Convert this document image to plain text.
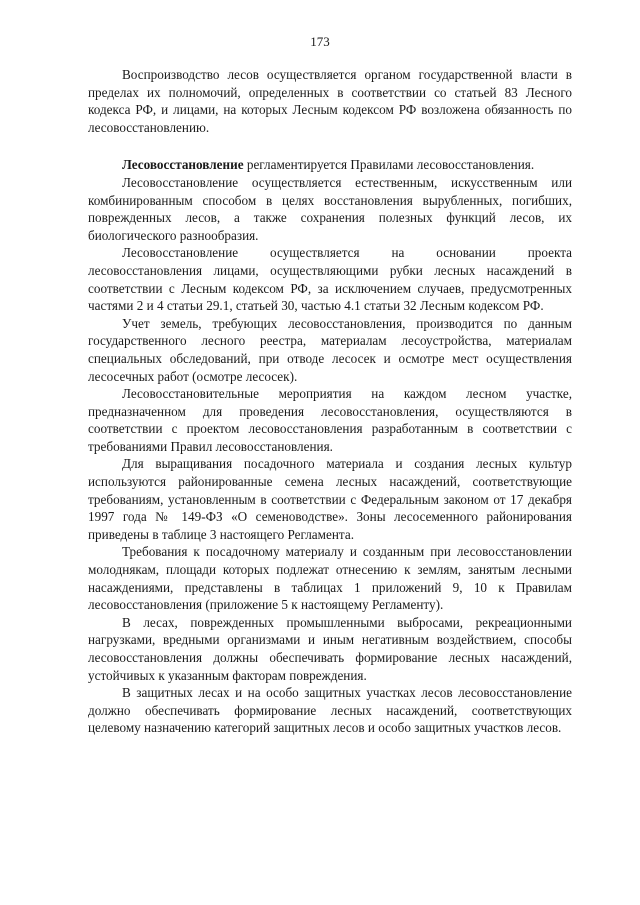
173

Воспроизводство лесов осуществляется органом государственной власти в пределах их полномочий, определенных в соответствии со статьей 83 Лесного кодекса РФ, и лицами, на которых Лесным кодексом РФ возложена обязанность по лесовосстановлению.

Лесовосстановление регламентируется Правилами лесовосстановления.

Лесовосстановление осуществляется естественным, искусственным или комбинированным способом в целях восстановления вырубленных, погибших, поврежденных лесов, а также сохранения полезных функций лесов, их биологического разнообразия.

Лесовосстановление осуществляется на основании проекта лесовосстановления лицами, осуществляющими рубки лесных насаждений в соответствии с Лесным кодексом РФ, за исключением случаев, предусмотренных частями 2 и 4 статьи 29.1, статьей 30, частью 4.1 статьи 32 Лесным кодексом РФ.

Учет земель, требующих лесовосстановления, производится по данным государственного лесного реестра, материалам лесоустройства, материалам специальных обследований, при отводе лесосек и осмотре мест осуществления лесосечных работ (осмотре лесосек).

Лесовосстановительные мероприятия на каждом лесном участке, предназначенном для проведения лесовосстановления, осуществляются в соответствии с проектом лесовосстановления разработанным в соответствии с требованиями Правил лесовосстановления.

Для выращивания посадочного материала и создания лесных культур используются районированные семена лесных насаждений, соответствующие требованиям, установленным в соответствии с Федеральным законом от 17 декабря 1997 года № 149-ФЗ «О семеноводстве». Зоны лесосеменного районирования приведены в таблице 3 настоящего Регламента.

Требования к посадочному материалу и созданным при лесовосстановлении молоднякам, площади которых подлежат отнесению к землям, занятым лесными насаждениями, представлены в таблицах 1 приложений 9, 10 к Правилам лесовосстановления (приложение 5 к настоящему Регламенту).

В лесах, поврежденных промышленными выбросами, рекреационными нагрузками, вредными организмами и иным негативным воздействием, способы лесовосстановления должны обеспечивать формирование лесных насаждений, устойчивых к указанным факторам повреждения.

В защитных лесах и на особо защитных участках лесов лесовосстановление должно обеспечивать формирование лесных насаждений, соответствующих целевому назначению категорий защитных лесов и особо защитных участков лесов.
